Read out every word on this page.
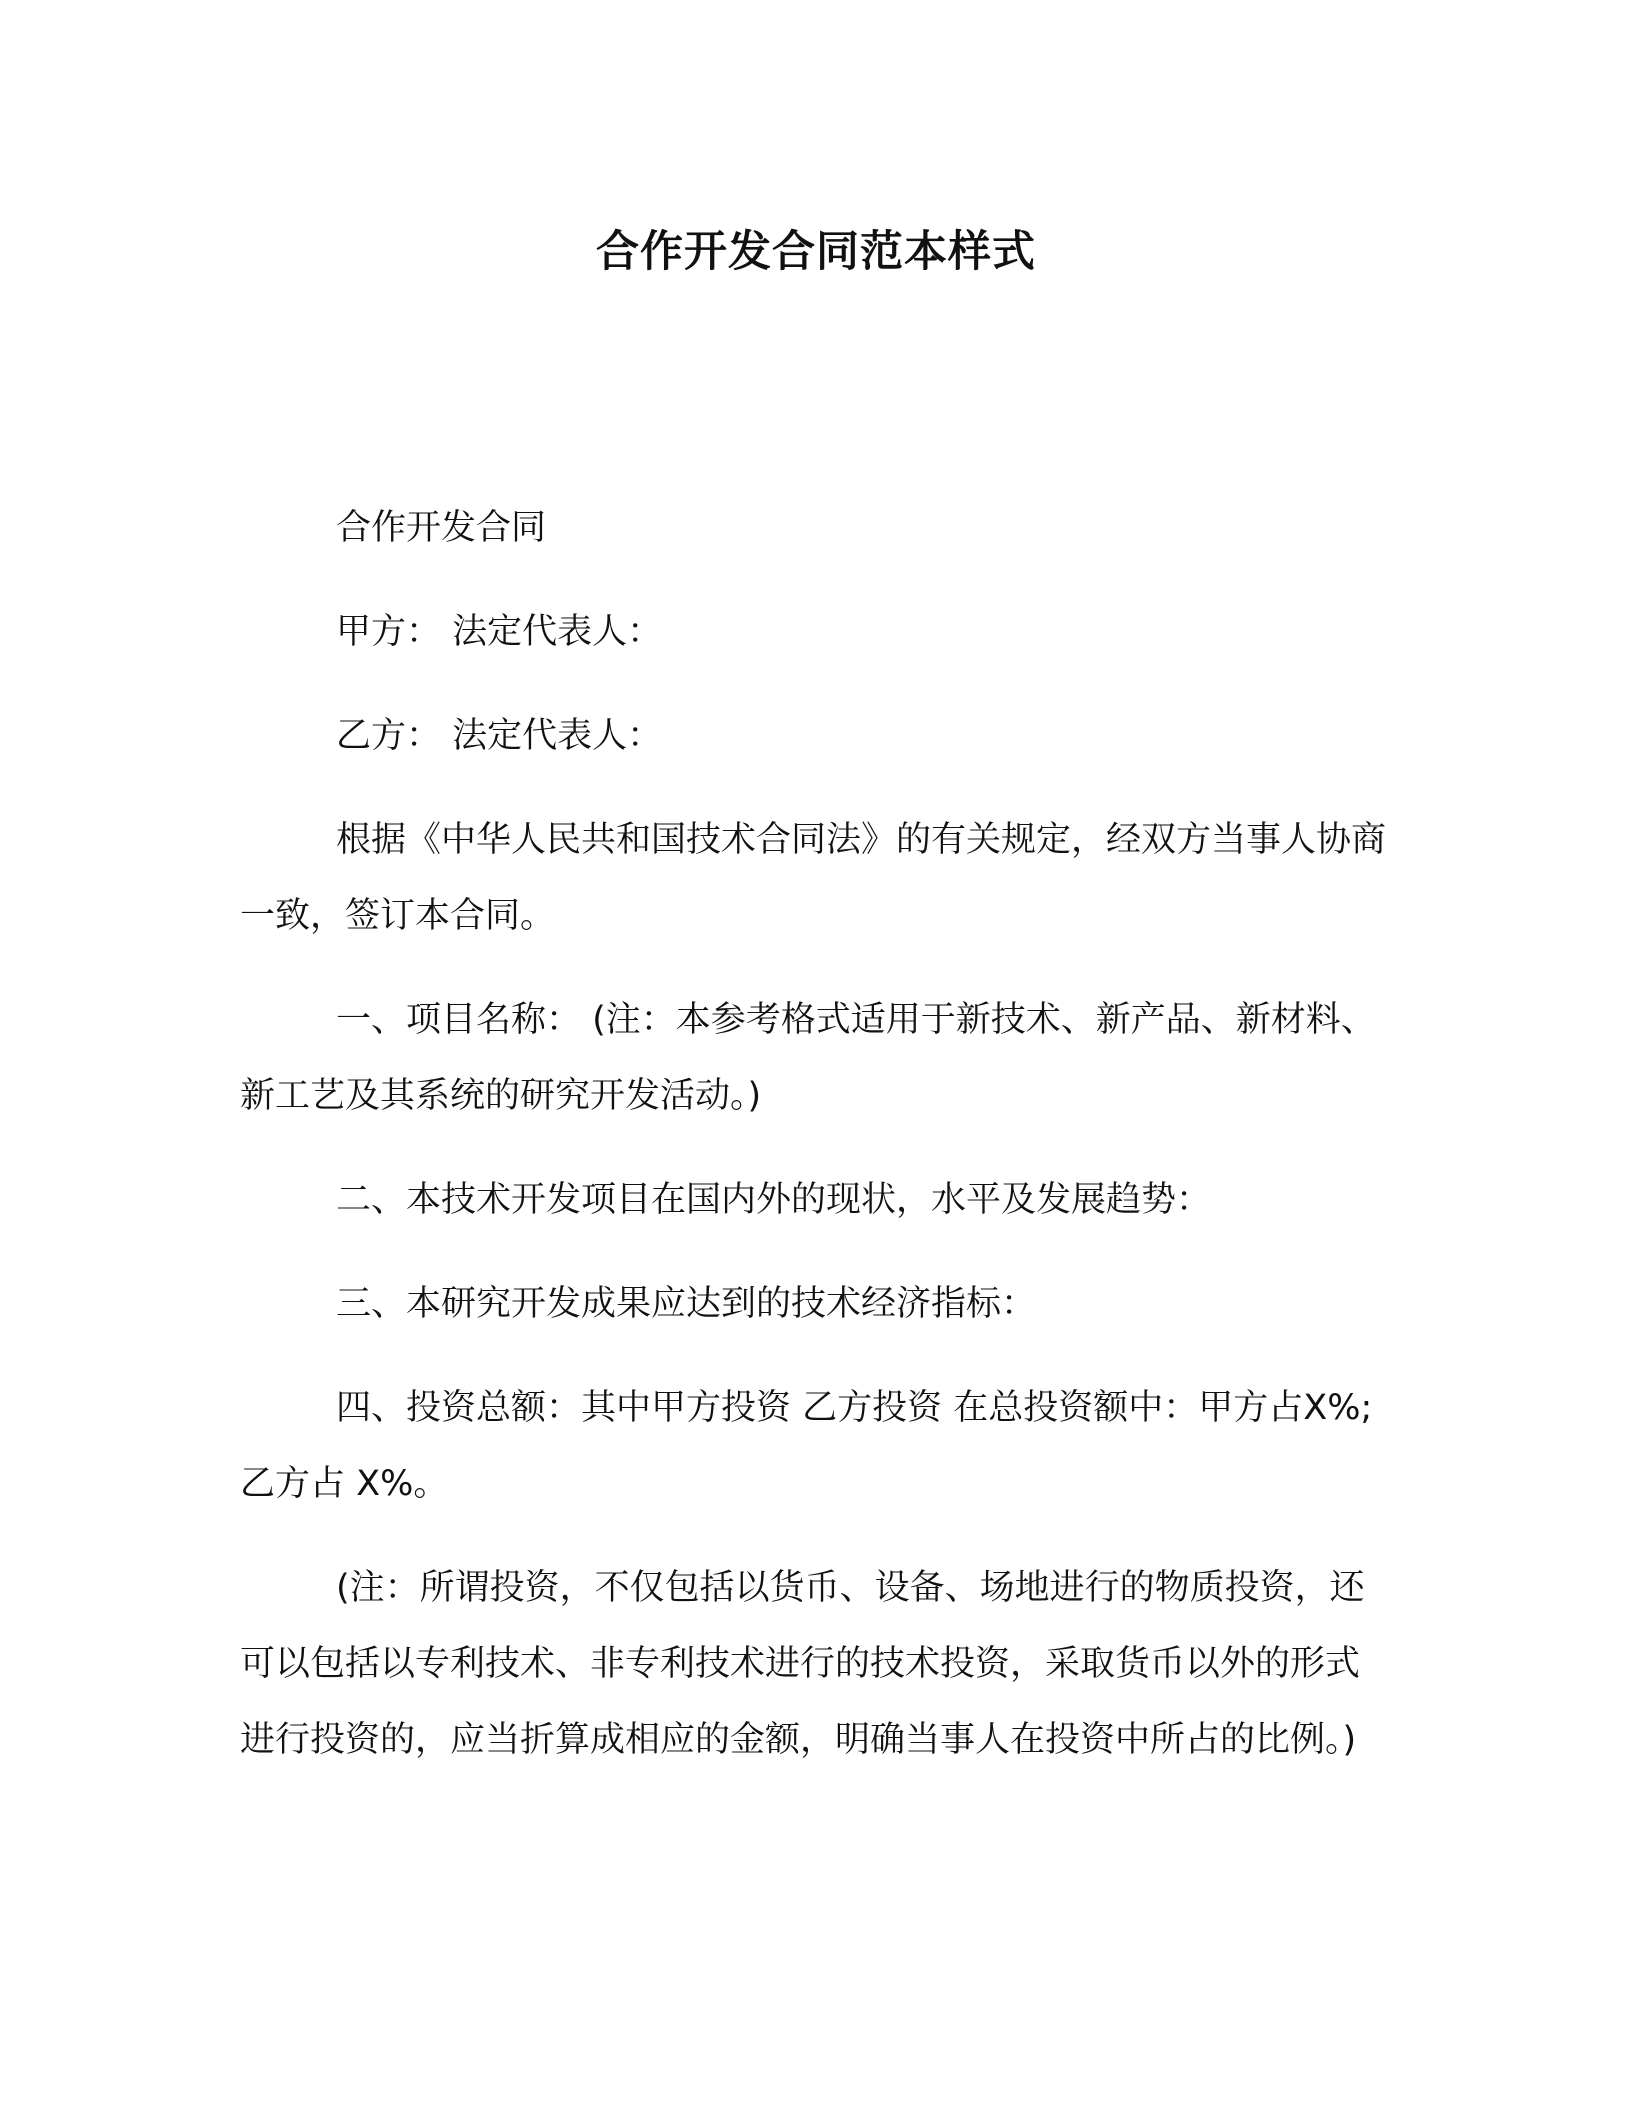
合作开发合同范本样式

合作开发合同

甲方： 法定代表人：

乙方： 法定代表人：

根据《中华人民共和国技术合同法》的有关规定，经双方当事人协商一致，签订本合同。

一、项目名称： (注：本参考格式适用于新技术、新产品、新材料、新工艺及其系统的研究开发活动。)

二、本技术开发项目在国内外的现状，水平及发展趋势：

三、本研究开发成果应达到的技术经济指标：

四、投资总额：其中甲方投资 乙方投资 在总投资额中：甲方占X%;乙方占 X%。

(注：所谓投资，不仅包括以货币、设备、场地进行的物质投资，还可以包括以专利技术、非专利技术进行的技术投资，采取货币以外的形式进行投资的，应当折算成相应的金额，明确当事人在投资中所占的比例。)
